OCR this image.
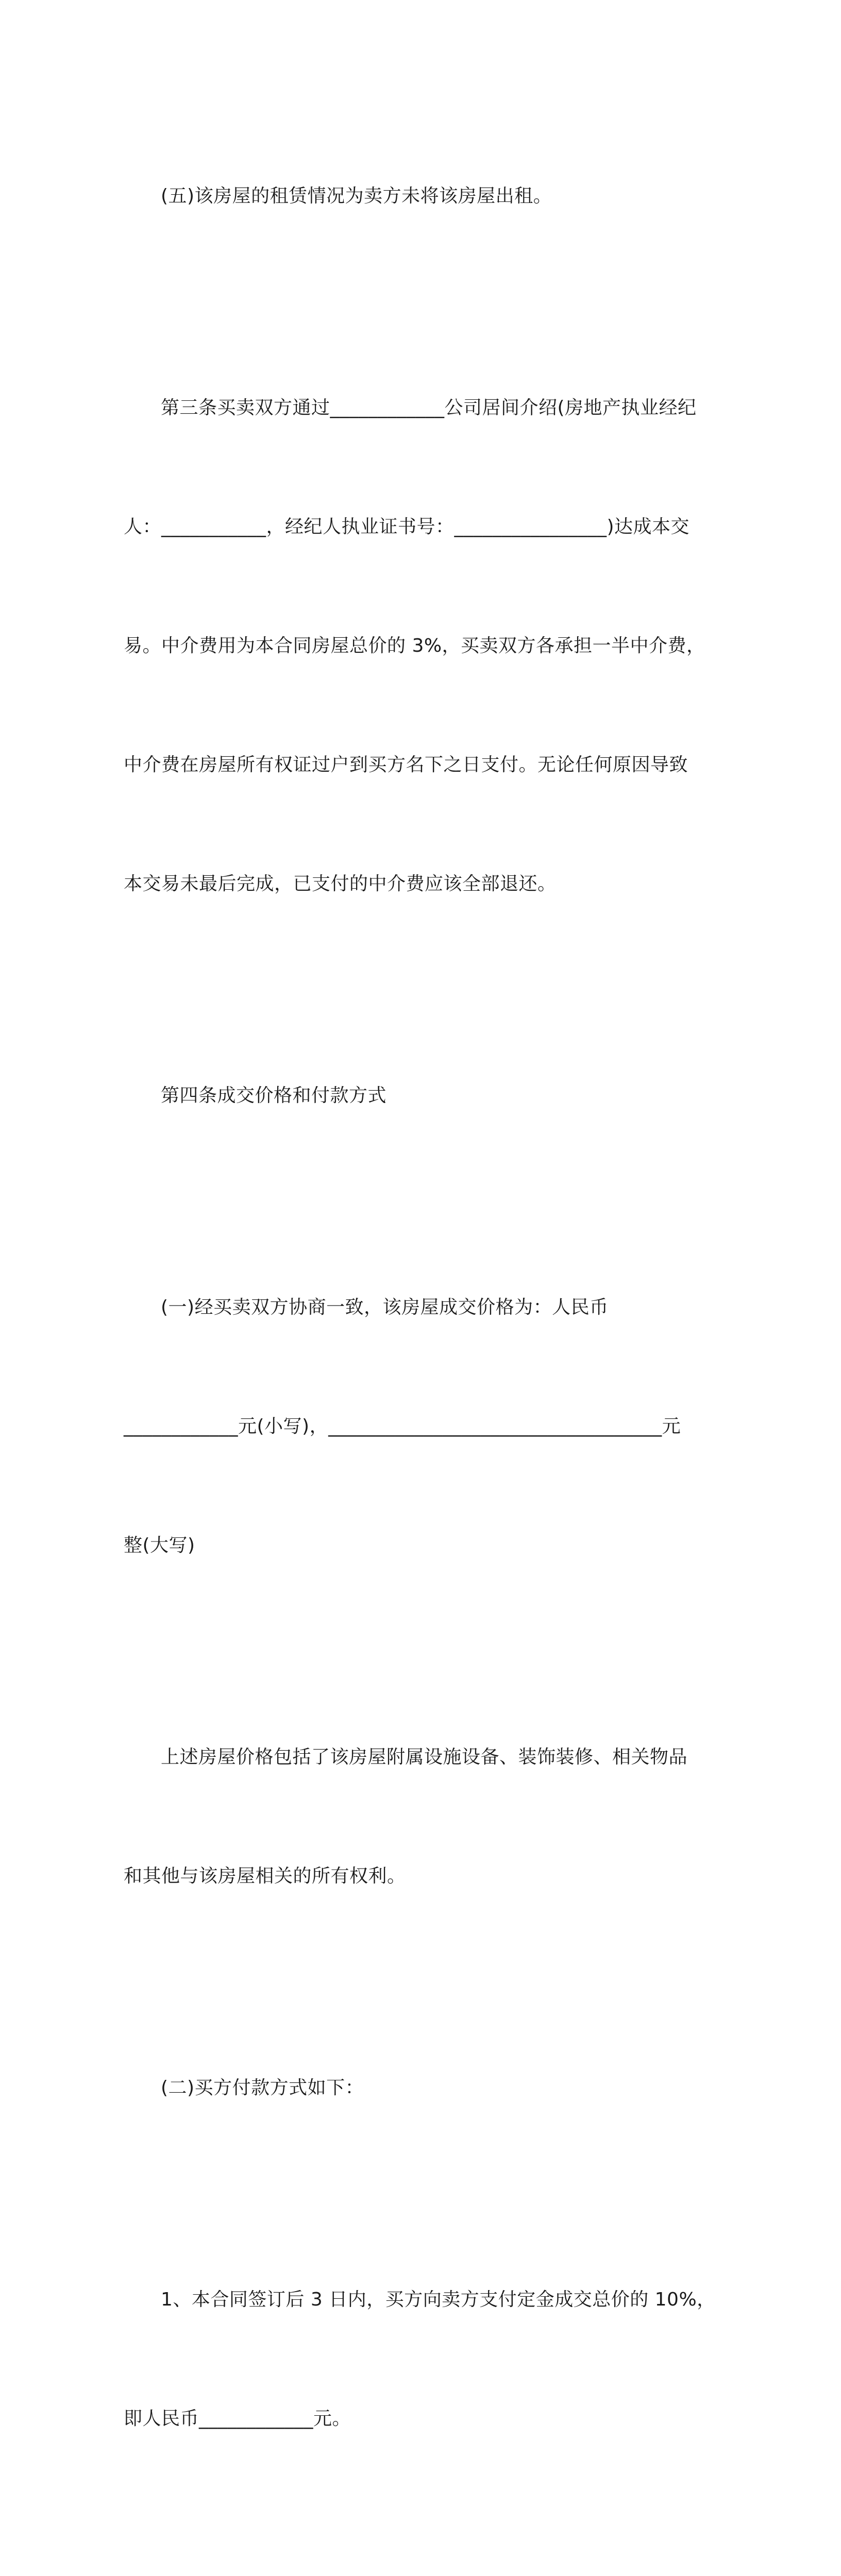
(五)该房屋的租赁情况为卖方未将该房屋出租。

第三条买卖双方通过____________公司居间介绍(房地产执业经纪

人：___________，经纪人执业证书号：________________)达成本交

易。中介费用为本合同房屋总价的 3%，买卖双方各承担一半中介费，

中介费在房屋所有权证过户到买方名下之日支付。无论任何原因导致

本交易未最后完成，已支付的中介费应该全部退还。

第四条成交价格和付款方式

(一)经买卖双方协商一致，该房屋成交价格为：人民币

____________元(小写)，___________________________________元

整(大写)

上述房屋价格包括了该房屋附属设施设备、装饰装修、相关物品

和其他与该房屋相关的所有权利。

(二)买方付款方式如下：

1、本合同签订后 3 日内，买方向卖方支付定金成交总价的 10%，

即人民币____________元。
